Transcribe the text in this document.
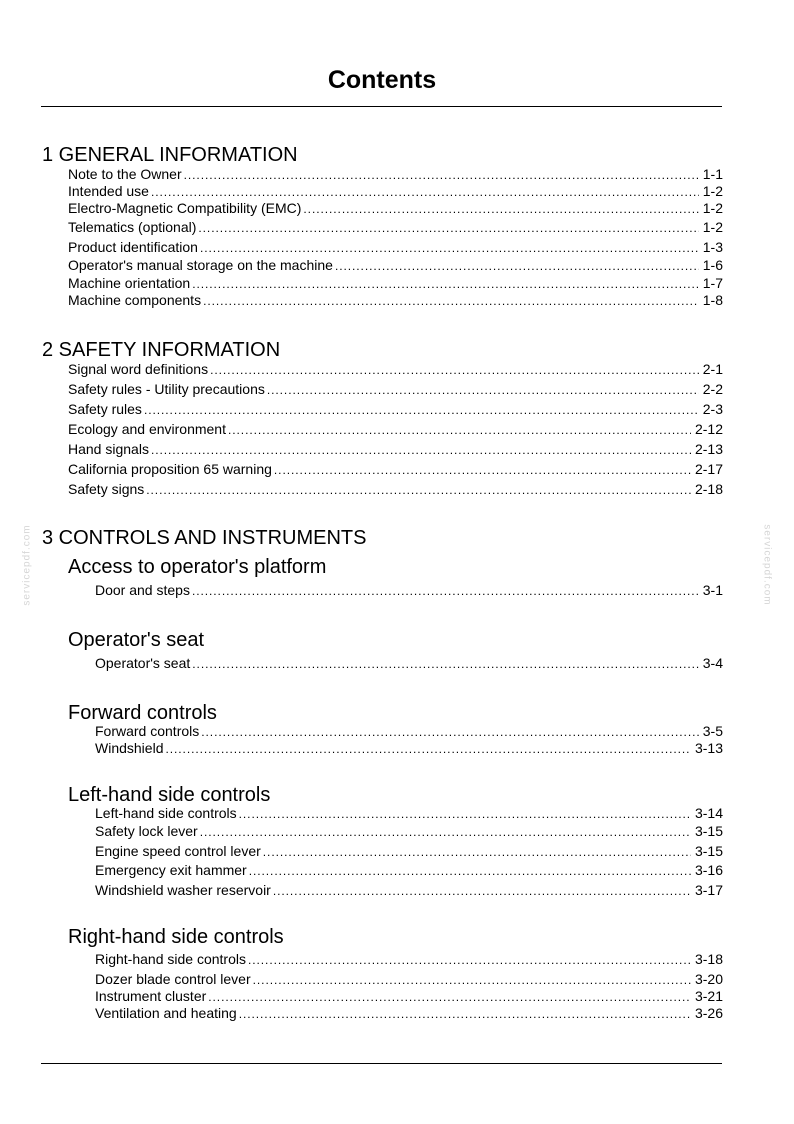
Contents
servicepdf.com	servicepdf.com
1 GENERAL INFORMATION
Note to the Owner . . .	1-1
Intended use . . .	1-2
Electro-Magnetic Compatibility (EMC) . . .	1-2
Telematics (optional) . . .	1-2
Product identification . . .	1-3
Operator's manual storage on the machine . . .	1-6
Machine orientation . . .	1-7
Machine components . . .	1-8
2 SAFETY INFORMATION
Signal word definitions . . .	2-1
Safety rules - Utility precautions . . .	2-2
Safety rules . . .	2-3
Ecology and environment . . .	2-12
Hand signals . . .	2-13
California proposition 65 warning . . .	2-17
Safety signs . . .	2-18
3 CONTROLS AND INSTRUMENTS
Access to operator's platform
Door and steps . . .	3-1
Operator's seat
Operator's seat . . .	3-4
Forward controls
Forward controls . . .	3-5
Windshield . . .	3-13
Left-hand side controls
Left-hand side controls . . .	3-14
Safety lock lever . . .	3-15
Engine speed control lever . . .	3-15
Emergency exit hammer . . .	3-16
Windshield washer reservoir . . .	3-17
Right-hand side controls
Right-hand side controls . . .	3-18
Dozer blade control lever . . .	3-20
Instrument cluster . . .	3-21
Ventilation and heating . . .	3-26
